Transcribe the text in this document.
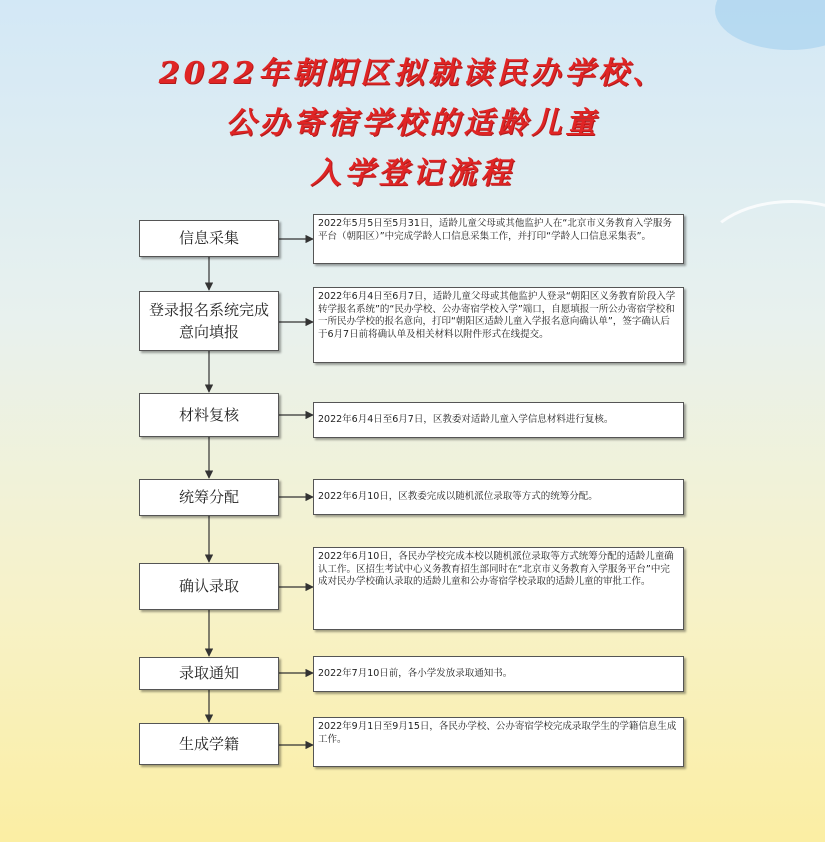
2022年朝阳区拟就读民办学校、
公办寄宿学校的适龄儿童
入学登记流程
信息采集
登录报名系统完成意向填报
材料复核
统筹分配
确认录取
录取通知
生成学籍
2022年5月5日至5月31日，适龄儿童父母或其他监护人在“北京市义务教育入学服务平台（朝阳区）”中完成学龄人口信息采集工作，并打印“学龄人口信息采集表”。
2022年6月4日至6月7日，适龄儿童父母或其他监护人登录“朝阳区义务教育阶段入学转学报名系统”的“民办学校、公办寄宿学校入学”端口，自愿填报一所公办寄宿学校和一所民办学校的报名意向，打印“朝阳区适龄儿童入学报名意向确认单”，签字确认后于6月7日前将确认单及相关材料以附件形式在线提交。
2022年6月4日至6月7日，区教委对适龄儿童入学信息材料进行复核。
2022年6月10日，区教委完成以随机派位录取等方式的统筹分配。
2022年6月10日，各民办学校完成本校以随机派位录取等方式统筹分配的适龄儿童确认工作。区招生考试中心义务教育招生部同时在“北京市义务教育入学服务平台”中完成对民办学校确认录取的适龄儿童和公办寄宿学校录取的适龄儿童的审批工作。
2022年7月10日前，各小学发放录取通知书。
2022年9月1日至9月15日，各民办学校、公办寄宿学校完成录取学生的学籍信息生成工作。
